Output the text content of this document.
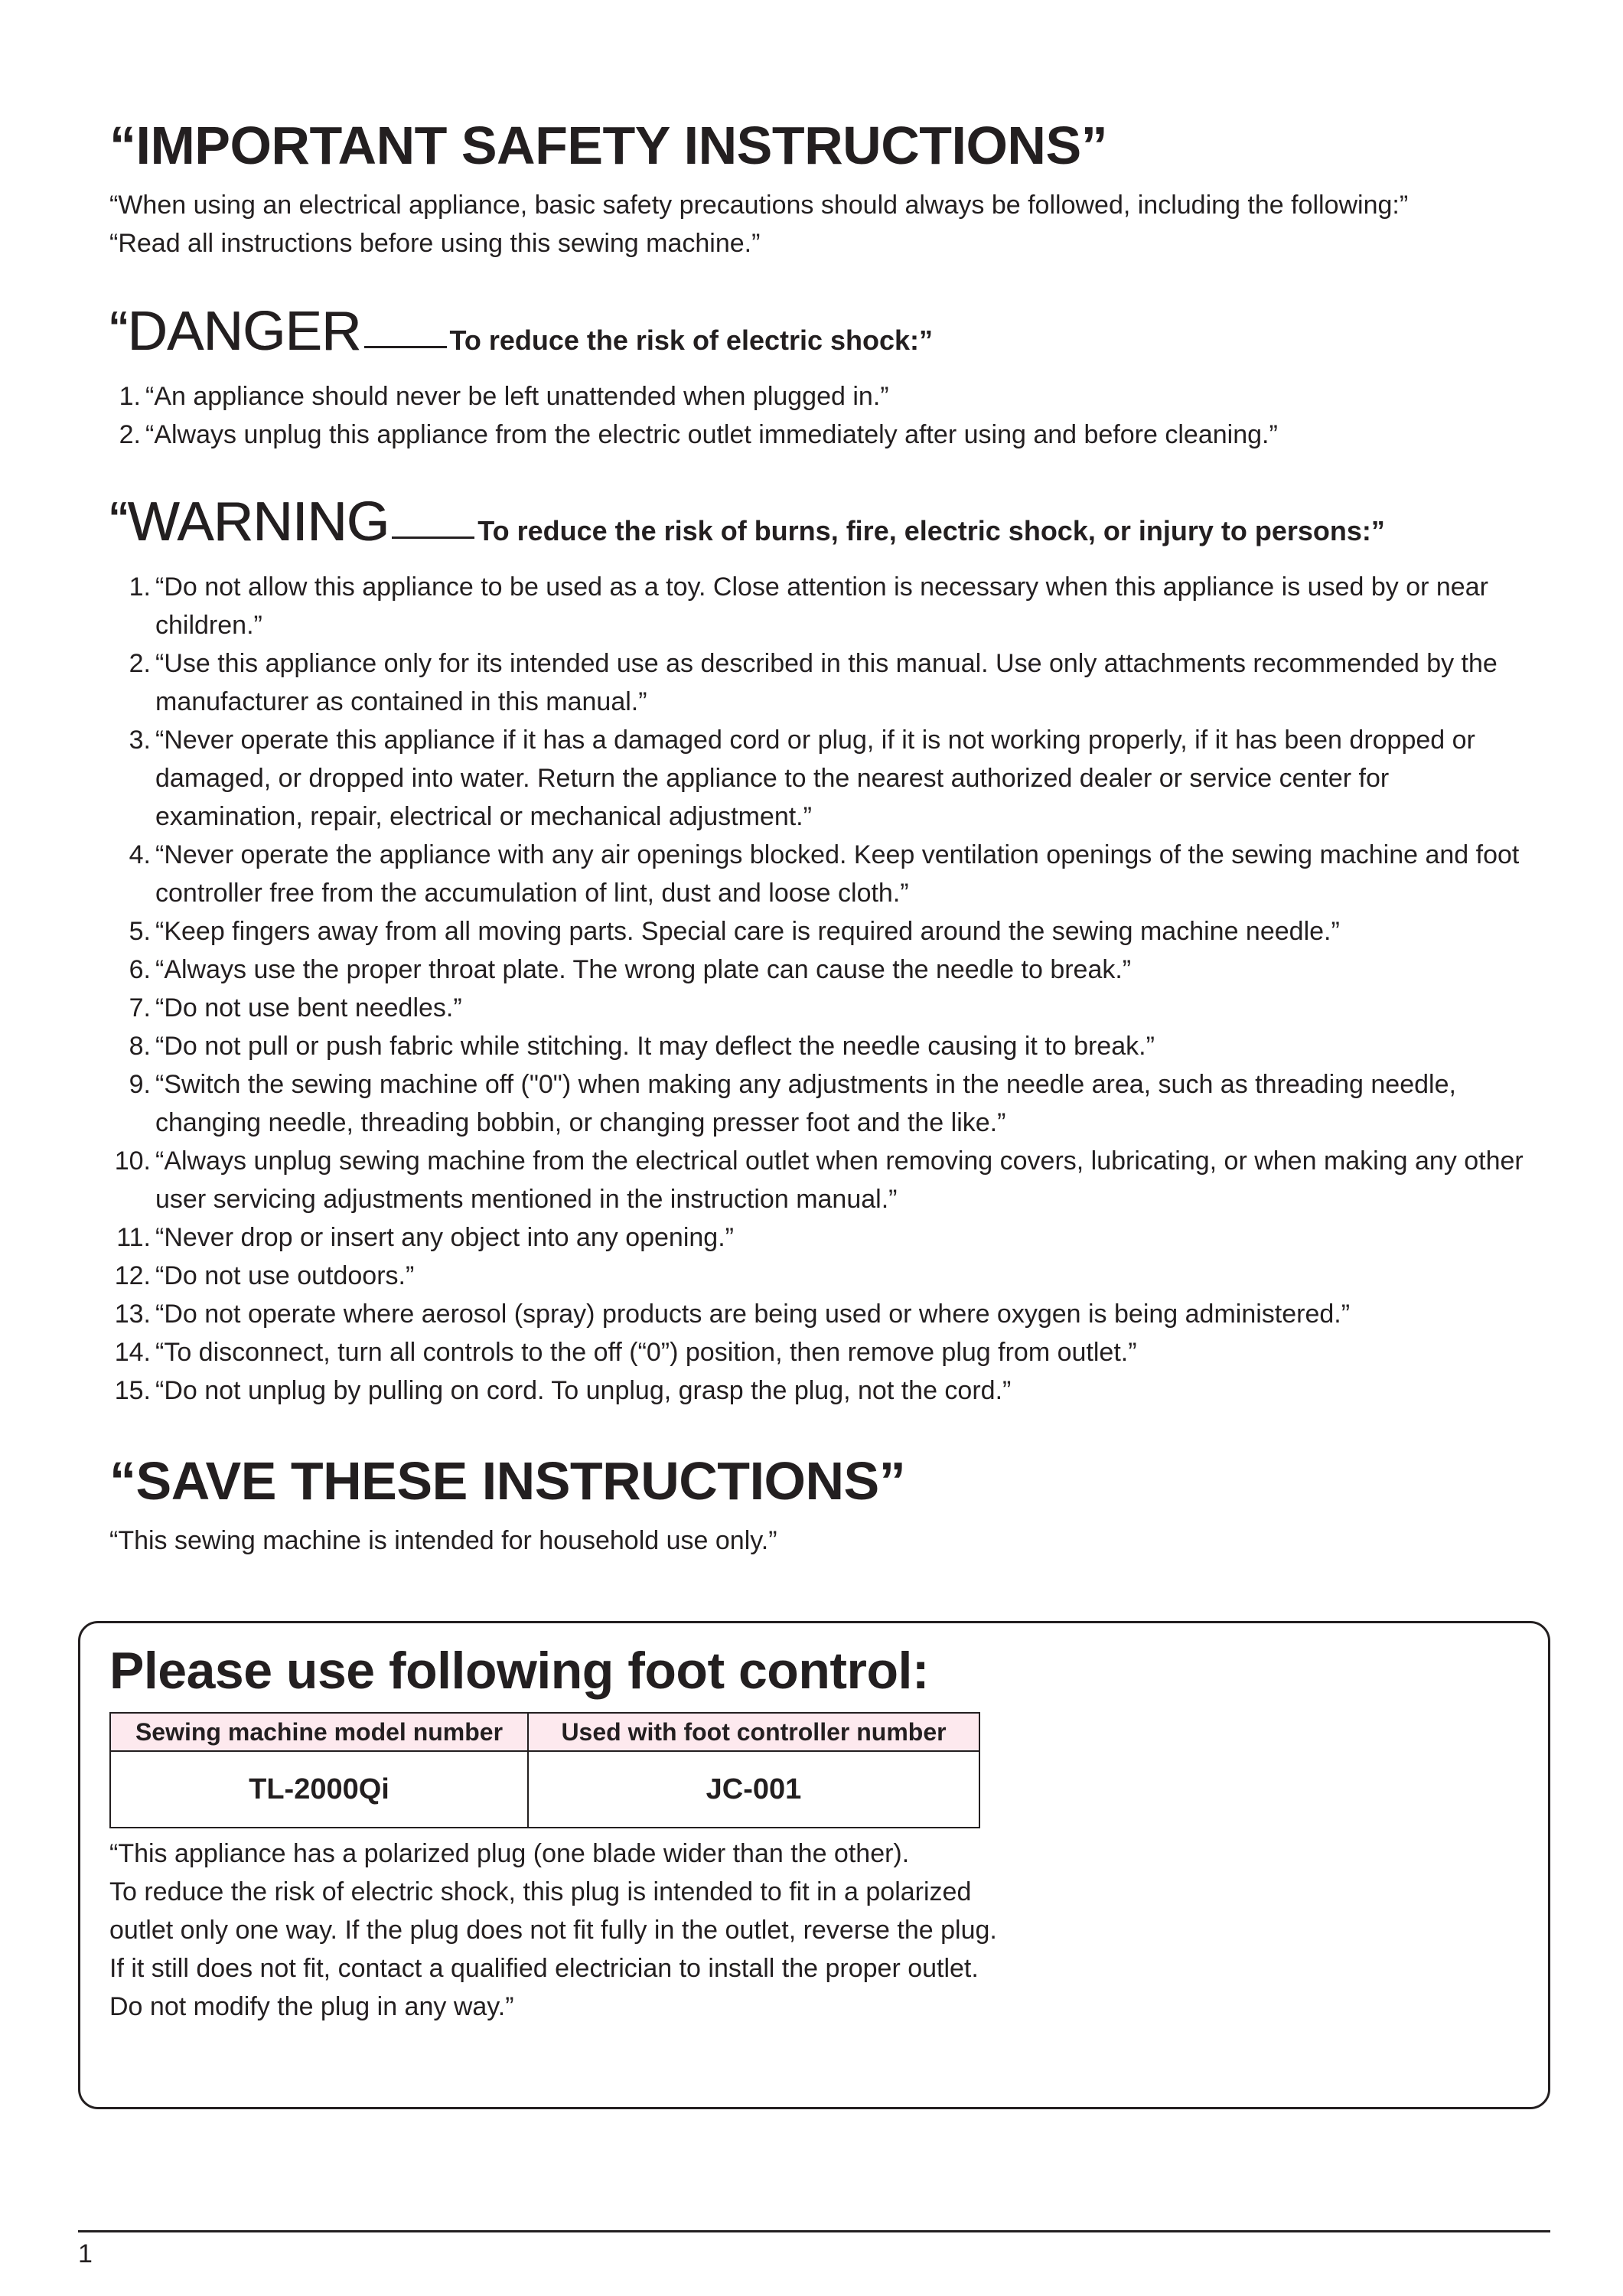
“IMPORTANT SAFETY INSTRUCTIONS”
“When using an electrical appliance, basic safety precautions should always be followed, including the following:”
“Read all instructions before using this sewing machine.”
“DANGER	To reduce the risk of electric shock:”
1. “An appliance should never be left unattended when plugged in.”
2. “Always unplug this appliance from the electric outlet immediately after using and before cleaning.”
“WARNING	To reduce the risk of burns, fire, electric shock, or injury to persons:”
1. “Do not allow this appliance to be used as a toy. Close attention is necessary when this appliance is used by or near children.”
2. “Use this appliance only for its intended use as described in this manual. Use only attachments recommended by the manufacturer as contained in this manual.”
3. “Never operate this appliance if it has a damaged cord or plug, if it is not working properly, if it has been dropped or damaged, or dropped into water. Return the appliance to the nearest authorized dealer or service center for examination, repair, electrical or mechanical adjustment.”
4. “Never operate the appliance with any air openings blocked. Keep ventilation openings of the sewing machine and foot controller free from the accumulation of lint, dust and loose cloth.”
5. “Keep fingers away from all moving parts. Special care is required around the sewing machine needle.”
6. “Always use the proper throat plate. The wrong plate can cause the needle to break.”
7. “Do not use bent needles.”
8. “Do not pull or push fabric while stitching. It may deflect the needle causing it to break.”
9. “Switch the sewing machine off ("0") when making any adjustments in the needle area, such as threading needle, changing needle, threading bobbin, or changing presser foot and the like.”
10. “Always unplug sewing machine from the electrical outlet when removing covers, lubricating, or when making any other user servicing adjustments mentioned in the instruction manual.”
11. “Never drop or insert any object into any opening.”
12. “Do not use outdoors.”
13. “Do not operate where aerosol (spray) products are being used or where oxygen is being administered.”
14. “To disconnect, turn all controls to the off (“0”) position, then remove plug from outlet.”
15. “Do not unplug by pulling on cord. To unplug, grasp the plug, not the cord.”
“SAVE THESE INSTRUCTIONS”
“This sewing machine is intended for household use only.”
Please use following foot control:
Sewing machine model number	Used with foot controller number
TL-2000Qi	JC-001
“This appliance has a polarized plug (one blade wider than the other).
To reduce the risk of electric shock, this plug is intended to fit in a polarized
outlet only one way. If the plug does not fit fully in the outlet, reverse the plug.
If it still does not fit, contact a qualified electrician to install the proper outlet.
Do not modify the plug in any way.”
1
